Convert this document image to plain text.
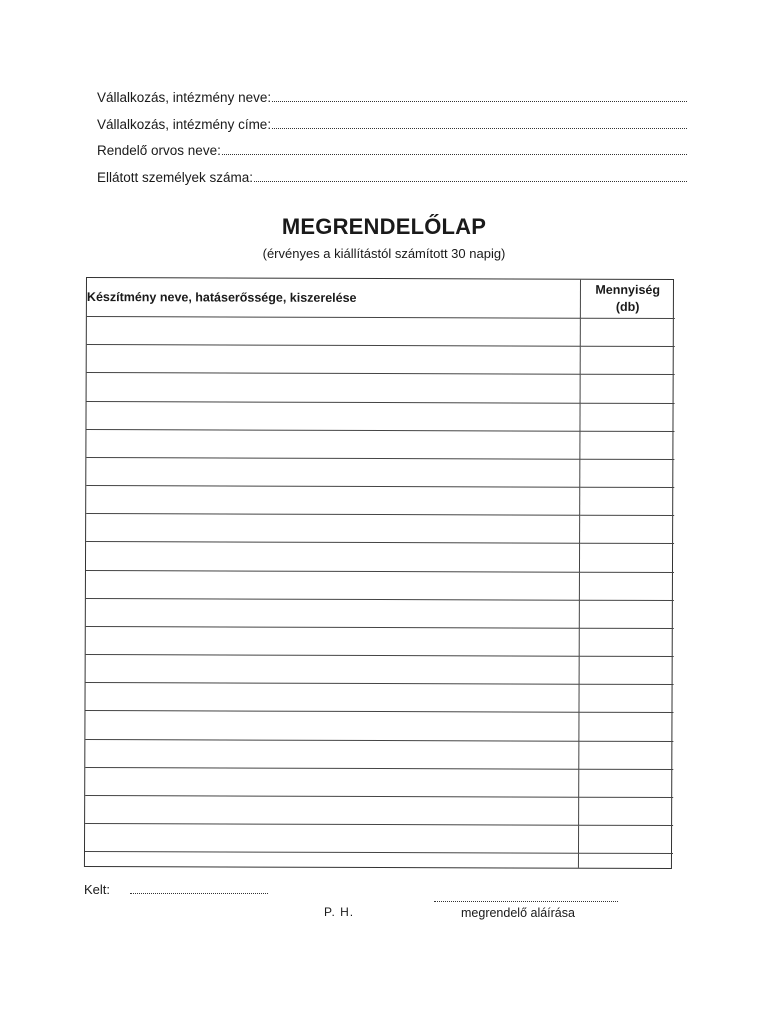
Vállalkozás, intézmény neve:
Vállalkozás, intézmény címe:
Rendelő orvos neve:
Ellátott személyek száma:
MEGRENDELŐLAP
(érvényes a kiállítástól számított 30 napig)
Készítmény neve, hatáserőssége, kiszerelése	Mennyiség
(db)

Kelt:
P. H.	megrendelő aláírása
